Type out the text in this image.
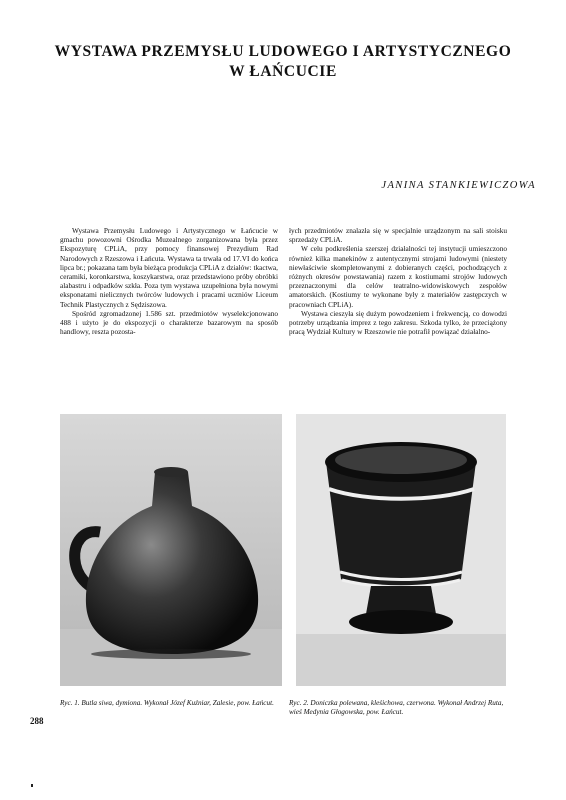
WYSTAWA PRZEMYSŁU LUDOWEGO I ARTYSTYCZNEGO
W ŁAŃCUCIE
JANINA STANKIEWICZOWA

Wystawa Przemysłu Ludowego i Artystycznego w Łańcucie w gmachu powozowni Ośrodka Muzealnego zorganizowana była przez Ekspozyturę CPLiA, przy pomocy finansowej Prezydium Rad Narodowych z Rzeszowa i Łańcuta. Wystawa ta trwała od 17.VI do końca lipca br.; pokazana tam była bieżąca produkcja CPLiA z działów: tkactwa, ceramiki, koronkarstwa, koszykarstwa, oraz przedstawiono próby obróbki alabastru i odpadków szkła. Poza tym wystawa uzupełniona była nowymi eksponatami nielicznych twórców ludowych i pracami uczniów Liceum Technik Plastycznych z Sędziszowa.

Spośród zgromadzonej 1.586 szt. przedmiotów wyselekcjonowano 488 i użyto je do ekspozycji o charakterze bazarowym na sposób handlowy, reszta pozosta-

łych przedmiotów znalazła się w specjalnie urządzonym na sali stoisku sprzedaży CPLiA.

W celu podkreślenia szerszej działalności tej instytucji umieszczono również kilka manekinów z autentycznymi strojami ludowymi (niestety niewłaściwie skompletowanymi z dobieranych części, pochodzących z różnych okresów powstawania) razem z kostiumami strojów ludowych przeznaczonymi dla celów teatralno-widowiskowych zespołów amatorskich. (Kostiumy te wykonane były z materiałów zastępczych w pracowniach CPLiA).

Wystawa cieszyła się dużym powodzeniem i frekwencją, co dowodzi potrzeby urządzania imprez z tego zakresu. Szkoda tylko, że przeciążony pracą Wydział Kultury w Rzeszowie nie potrafił powiązać działalno-

Ryc. 1. Butla siwa, dymiona. Wykonał Józef Kuźniar, Zalesie, pow. Łańcut.	Ryc. 2. Doniczka polewana, kleśichowa, czerwona. Wykonał Andrzej Ruta, wieś Medynia Głogowska, pow. Łańcut.
288
